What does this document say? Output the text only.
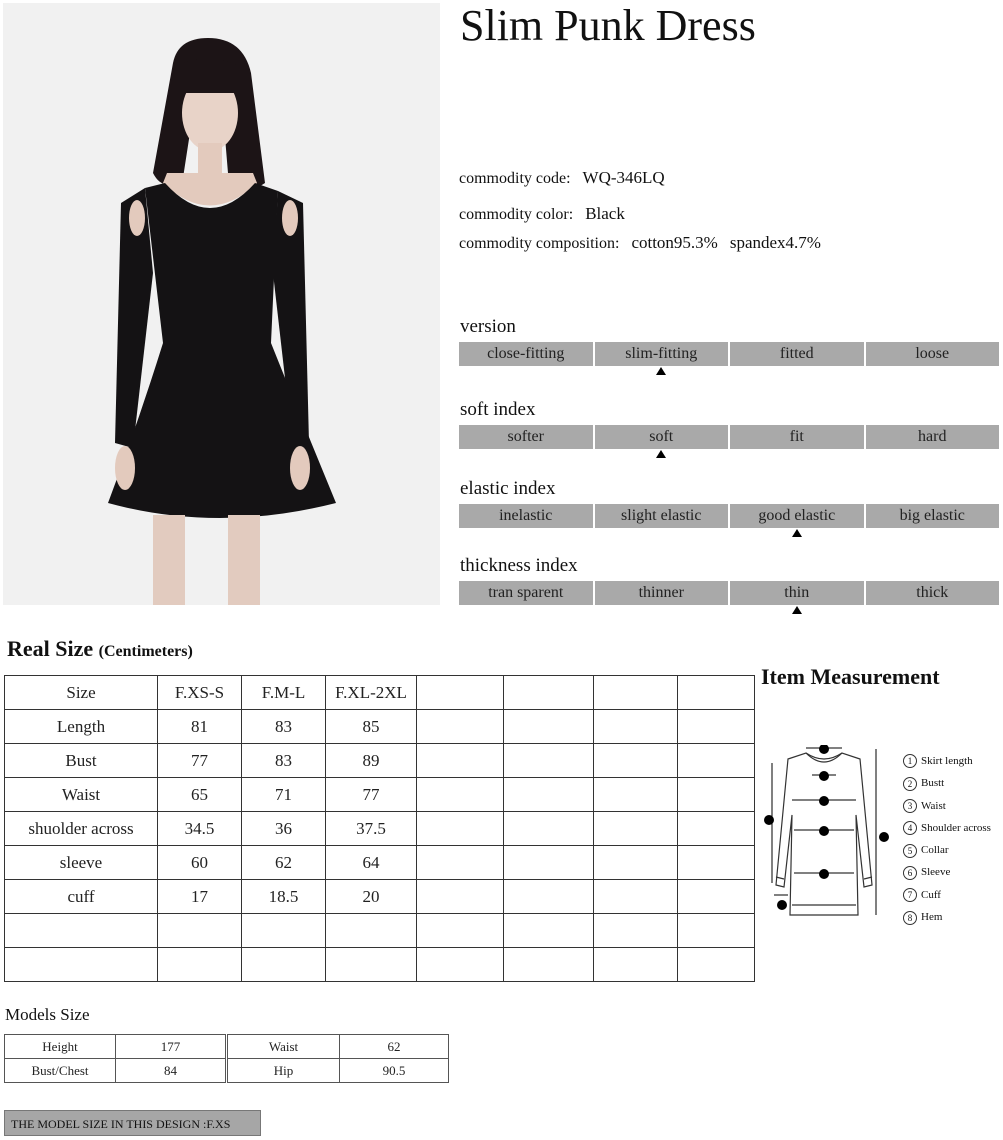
Slim Punk Dress
commodity code: WQ-346LQ
commodity color: Black
commodity composition: cotton95.3% spandex4.7%
version
close-fitting	slim-fitting	fitted	loose
soft index
softer	soft	fit	hard
elastic index
inelastic	slight elastic	good elastic	big elastic
thickness index
tran sparent	thinner	thin	thick
Real Size (Centimeters)
Size	F.XS-S	F.M-L	F.XL-2XL				
Length	81	83	85				
Bust	77	83	89				
Waist	65	71	77				
shuolder across	34.5	36	37.5				
sleeve	60	62	64				
cuff	17	18.5	20				

Item Measurement
1 Skirt length
2 Bustt
3 Waist
4 Shoulder across
5 Collar
6 Sleeve
7 Cuff
8 Hem
Models Size
Height	177
Bust/Chest	84
Waist	62
Hip	90.5
THE MODEL SIZE IN THIS DESIGN :F.XS
